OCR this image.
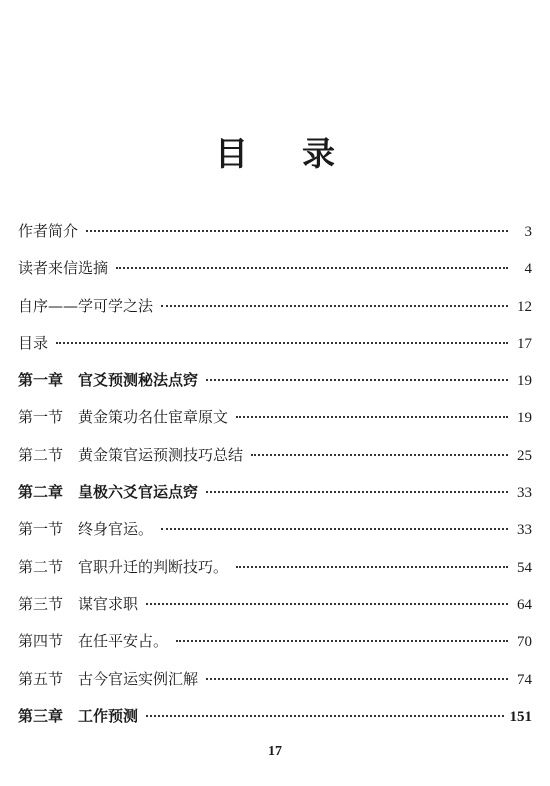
目录
作者简介	3
读者来信选摘	4
自序——学可学之法	12
目录	17
第一章　官爻预测秘法点窍	19
第一节　黄金策功名仕宦章原文	19
第二节　黄金策官运预测技巧总结	25
第二章　皇极六爻官运点窍	33
第一节　终身官运。	33
第二节　官职升迁的判断技巧。	54
第三节　谋官求职	64
第四节　在任平安占。	70
第五节　古今官运实例汇解	74
第三章　工作预测	151
17
